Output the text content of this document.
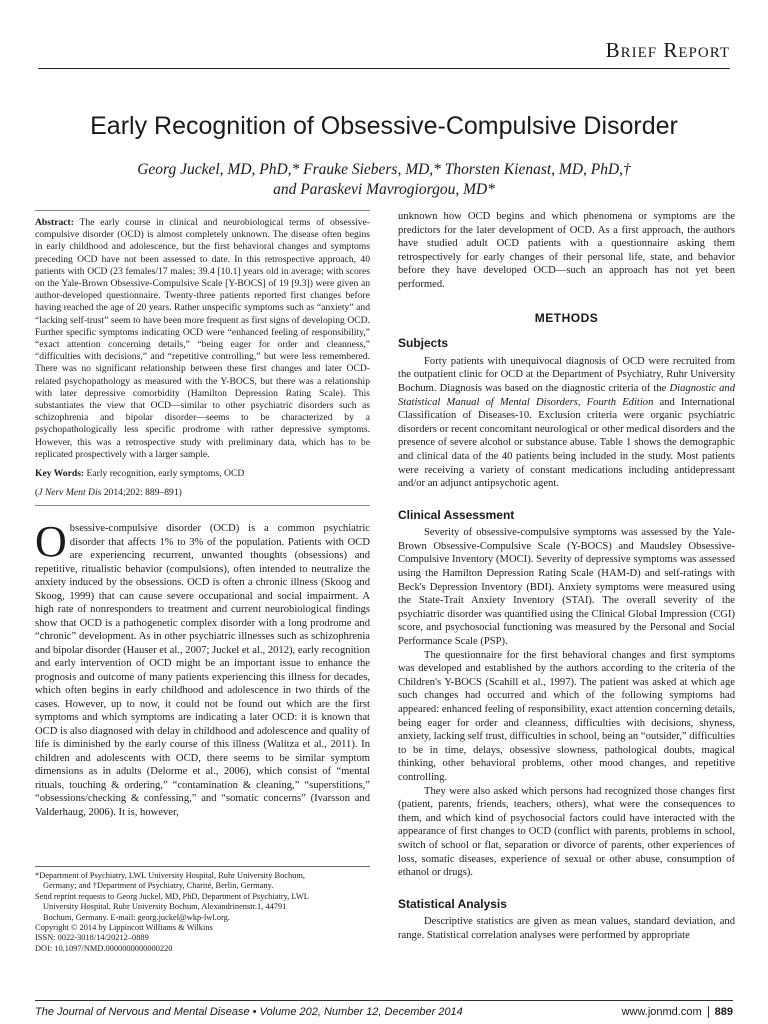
Brief Report
Early Recognition of Obsessive-Compulsive Disorder
Georg Juckel, MD, PhD,* Frauke Siebers, MD,* Thorsten Kienast, MD, PhD,†
and Paraskevi Mavrogiorgou, MD*
Abstract: The early course in clinical and neurobiological terms of obsessive-compulsive disorder (OCD) is almost completely unknown. The disease often begins in early childhood and adolescence, but the first behavioral changes and symptoms preceding OCD have not been assessed to date. In this retrospective approach, 40 patients with OCD (23 females/17 males; 39.4 [10.1] years old in average; with scores on the Yale-Brown Obsessive-Compulsive Scale [Y-BOCS] of 19 [9.3]) were given an author-developed questionnaire. Twenty-three patients reported first changes before having reached the age of 20 years. Rather unspecific symptoms such as “anxiety” and “lacking self-trust” seem to have been more frequent as first signs of developing OCD. Further specific symptoms indicating OCD were “enhanced feeling of responsibility,” “exact attention concerning details,” “being eager for order and cleanness,” “difficulties with decisions,” and “repetitive controlling,” but were less remembered. There was no significant relationship between these first changes and later OCD-related psychopathology as measured with the Y-BOCS, but there was a relationship with later depressive comorbidity (Hamilton Depression Rating Scale). This substantiates the view that OCD—similar to other psychiatric disorders such as schizophrenia and bipolar disorder—seems to be characterized by a psychopathologically less specific prodrome with rather depressive symptoms. However, this was a retrospective study with preliminary data, which has to be replicated prospectively with a larger sample.
Key Words: Early recognition, early symptoms, OCD
(J Nerv Ment Dis 2014;202: 889–891)
Obsessive-compulsive disorder (OCD) is a common psychiatric disorder that affects 1% to 3% of the population. Patients with OCD are experiencing recurrent, unwanted thoughts (obsessions) and repetitive, ritualistic behavior (compulsions), often intended to neutralize the anxiety induced by the obsessions. OCD is often a chronic illness (Skoog and Skoog, 1999) that can cause severe occupational and social impairment. A high rate of nonresponders to treatment and current neurobiological findings show that OCD is a pathogenetic complex disorder with a long prodrome and “chronic” development. As in other psychiatric illnesses such as schizophrenia and bipolar disorder (Hauser et al., 2007; Juckel et al., 2012), early recognition and early intervention of OCD might be an important issue to enhance the prognosis and outcome of many patients experiencing this illness for decades, which often begins in early childhood and adolescence in two thirds of the cases. However, up to now, it could not be found out which are the first symptoms and which symptoms are indicating a later OCD: it is known that OCD is also diagnosed with delay in childhood and adolescence and quality of life is diminished by the early course of this illness (Walitza et al., 2011). In children and adolescents with OCD, there seems to be similar symptom dimensions as in adults (Delorme et al., 2006), which consist of “mental rituals, touching & ordering,” “contamination & cleaning,” “superstitions,” “obsessions/checking & confessing,” and “somatic concerns” (Ivarsson and Valderhaug, 2006). It is, however,

*Department of Psychiatry, LWL University Hospital, Ruhr University Bochum,

Germany; and †Department of Psychiatry, Charité, Berlin, Germany.

Send reprint requests to Georg Juckel, MD, PhD, Department of Psychiatry, LWL

University Hospital, Ruhr University Bochum, Alexandrinenstr.1, 44791

Bochum, Germany. E-mail: georg.juckel@wkp-lwl.org.

Copyright © 2014 by Lippincott Williams & Wilkins

ISSN: 0022-3018/14/20212–0889

DOI: 10.1097/NMD.0000000000000220

unknown how OCD begins and which phenomena or symptoms are the predictors for the later development of OCD. As a first approach, the authors have studied adult OCD patients with a questionnaire asking them retrospectively for early changes of their personal life, state, and behavior before they have developed OCD—such an approach has not yet been performed.

METHODS
Subjects

Forty patients with unequivocal diagnosis of OCD were recruited from the outpatient clinic for OCD at the Department of Psychiatry, Ruhr University Bochum. Diagnosis was based on the diagnostic criteria of the Diagnostic and Statistical Manual of Mental Disorders, Fourth Edition and International Classification of Diseases-10. Exclusion criteria were organic psychiatric disorders or recent concomitant neurological or other medical disorders and the presence of severe alcohol or substance abuse. Table 1 shows the demographic and clinical data of the 40 patients being included in the study. Most patients were receiving a variety of constant medications including antidepressant and/or an adjunct antipsychotic agent.

Clinical Assessment

Severity of obsessive-compulsive symptoms was assessed by the Yale-Brown Obsessive-Compulsive Scale (Y-BOCS) and Maudsley Obsessive-Compulsive Inventory (MOCI). Severity of depressive symptoms was assessed using the Hamilton Depression Rating Scale (HAM-D) and self-ratings with Beck's Depression Inventory (BDI). Anxiety symptoms were measured using the State-Trait Anxiety Inventory (STAI). The overall severity of the psychiatric disorder was quantified using the Clinical Global Impression (CGI) score, and psychosocial functioning was measured by the Personal and Social Performance Scale (PSP).

The questionnaire for the first behavioral changes and first symptoms was developed and established by the authors according to the criteria of the Children's Y-BOCS (Scahill et al., 1997). The patient was asked at which age such changes had occurred and which of the following symptoms had appeared: enhanced feeling of responsibility, exact attention concerning details, being eager for order and cleanness, difficulties with decisions, shyness, anxiety, lacking self trust, difficulties in school, being an “outsider,” difficulties to be in time, delays, obsessive slowness, pathological doubts, magical thinking, other behavioral problems, other mood changes, and repetitive controlling.

They were also asked which persons had recognized those changes first (patient, parents, friends, teachers, others), what were the consequences to them, and which kind of psychosocial factors could have interacted with the appearance of first changes to OCD (conflict with parents, problems in school, switch of school or flat, separation or divorce of parents, other experiences of loss, somatic diseases, experience of sexual or other abuse, consumption of ethanol or drugs).

Statistical Analysis

Descriptive statistics are given as mean values, standard deviation, and range. Statistical correlation analyses were performed by appropriate

The Journal of Nervous and Mental Disease • Volume 202, Number 12, December 2014	www.jonmd.com 889
